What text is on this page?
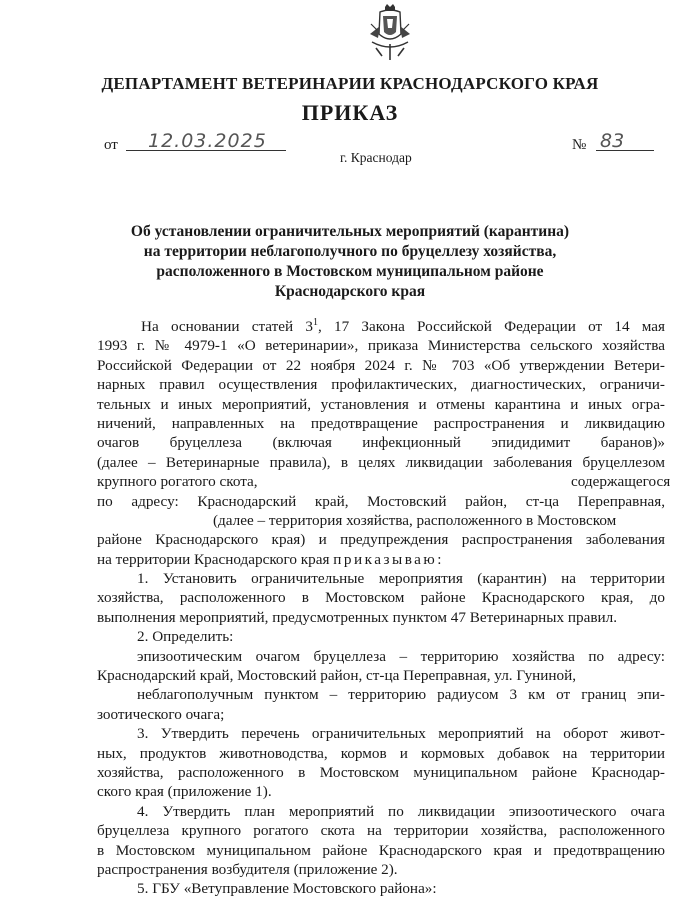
ДЕПАРТАМЕНТ ВЕТЕРИНАРИИ КРАСНОДАРСКОГО КРАЯ
ПРИКАЗ
от 12.03.2025	№ 83
г. Краснодар
Об установлении ограничительных мероприятий (карантина)
на территории неблагополучного по бруцеллезу хозяйства,
расположенного в Мостовском муниципальном районе
Краснодарского края
На основании статей $3^1$, 17 Закона Российской Федерации от 14 мая
1993 г. № 4979-1 «О ветеринарии», приказа Министерства сельского хозяйства
Российской Федерации от 22 ноября 2024 г. № 703 «Об утверждении Ветери-
нарных правил осуществления профилактических, диагностических, ограничи-
тельных и иных мероприятий, установления и отмены карантина и иных огра-
ничений, направленных на предотвращение распространения и ликвидацию
очагов бруцеллеза (включая инфекционный эпидидимит баранов)»
(далее – Ветеринарные правила), в целях ликвидации заболевания бруцеллезом
крупного рогатого скота,	содержащегося
по адресу: Краснодарский край, Мостовский район, ст-ца Переправная,
(далее – территория хозяйства, расположенного в Мостовском
районе Краснодарского края) и предупреждения распространения заболевания
на территории Краснодарского края приказываю:
1. Установить ограничительные мероприятия (карантин) на территории
хозяйства, расположенного в Мостовском районе Краснодарского края, до
выполнения мероприятий, предусмотренных пунктом 47 Ветеринарных правил.
2. Определить:
эпизоотическим очагом бруцеллеза – территорию хозяйства по адресу:
Краснодарский край, Мостовский район, ст-ца Переправная, ул. Гуниной,
неблагополучным пунктом – территорию радиусом 3 км от границ эпи-
зоотического очага;
3. Утвердить перечень ограничительных мероприятий на оборот живот-
ных, продуктов животноводства, кормов и кормовых добавок на территории
хозяйства, расположенного в Мостовском муниципальном районе Краснодар-
ского края (приложение 1).
4. Утвердить план мероприятий по ликвидации эпизоотического очага
бруцеллеза крупного рогатого скота на территории хозяйства, расположенного
в Мостовском муниципальном районе Краснодарского края и предотвращению
распространения возбудителя (приложение 2).
5. ГБУ «Ветуправление Мостовского района»:
